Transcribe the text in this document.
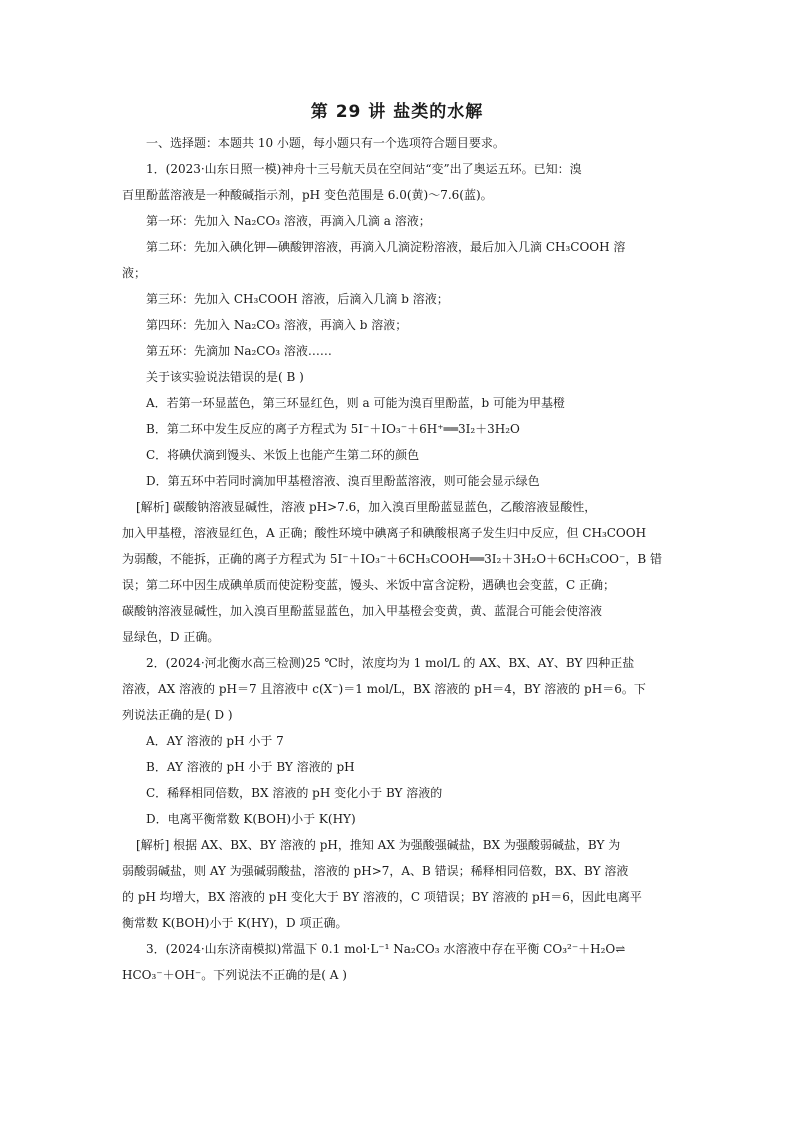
第 29 讲 盐类的水解

一、选择题：本题共 10 小题，每小题只有一个选项符合题目要求。

1．(2023·山东日照一模)神舟十三号航天员在空间站“变”出了奥运五环。已知：溴

百里酚蓝溶液是一种酸碱指示剂，pH 变色范围是 6.0(黄)～7.6(蓝)。

第一环：先加入 Na₂CO₃ 溶液，再滴入几滴 a 溶液；

第二环：先加入碘化钾—碘酸钾溶液，再滴入几滴淀粉溶液，最后加入几滴 CH₃COOH 溶

液；

第三环：先加入 CH₃COOH 溶液，后滴入几滴 b 溶液；

第四环：先加入 Na₂CO₃ 溶液，再滴入 b 溶液；

第五环：先滴加 Na₂CO₃ 溶液……

关于该实验说法错误的是( B )

A．若第一环显蓝色，第三环显红色，则 a 可能为溴百里酚蓝，b 可能为甲基橙

B．第二环中发生反应的离子方程式为 5I⁻＋IO₃⁻＋6H⁺══3I₂＋3H₂O

C．将碘伏滴到馒头、米饭上也能产生第二环的颜色

D．第五环中若同时滴加甲基橙溶液、溴百里酚蓝溶液，则可能会显示绿色

[解析] 碳酸钠溶液显碱性，溶液 pH>7.6，加入溴百里酚蓝显蓝色，乙酸溶液显酸性，

加入甲基橙，溶液显红色，A 正确；酸性环境中碘离子和碘酸根离子发生归中反应，但 CH₃COOH

为弱酸，不能拆，正确的离子方程式为 5I⁻＋IO₃⁻＋6CH₃COOH══3I₂＋3H₂O＋6CH₃COO⁻，B 错

误；第二环中因生成碘单质而使淀粉变蓝，馒头、米饭中富含淀粉，遇碘也会变蓝，C 正确；

碳酸钠溶液显碱性，加入溴百里酚蓝显蓝色，加入甲基橙会变黄，黄、蓝混合可能会使溶液

显绿色，D 正确。

2．(2024·河北衡水高三检测)25 ℃时，浓度均为 1 mol/L 的 AX、BX、AY、BY 四种正盐

溶液，AX 溶液的 pH＝7 且溶液中 c(X⁻)＝1 mol/L，BX 溶液的 pH＝4，BY 溶液的 pH＝6。下

列说法正确的是( D )

A．AY 溶液的 pH 小于 7

B．AY 溶液的 pH 小于 BY 溶液的 pH

C．稀释相同倍数，BX 溶液的 pH 变化小于 BY 溶液的

D．电离平衡常数 K(BOH)小于 K(HY)

[解析] 根据 AX、BX、BY 溶液的 pH，推知 AX 为强酸强碱盐，BX 为强酸弱碱盐，BY 为

弱酸弱碱盐，则 AY 为强碱弱酸盐，溶液的 pH>7，A、B 错误；稀释相同倍数，BX、BY 溶液

的 pH 均增大，BX 溶液的 pH 变化大于 BY 溶液的，C 项错误；BY 溶液的 pH＝6，因此电离平

衡常数 K(BOH)小于 K(HY)，D 项正确。

3．(2024·山东济南模拟)常温下 0.1 mol·L⁻¹ Na₂CO₃ 水溶液中存在平衡 CO₃²⁻＋H₂O⇌

HCO₃⁻＋OH⁻。下列说法不正确的是( A )
